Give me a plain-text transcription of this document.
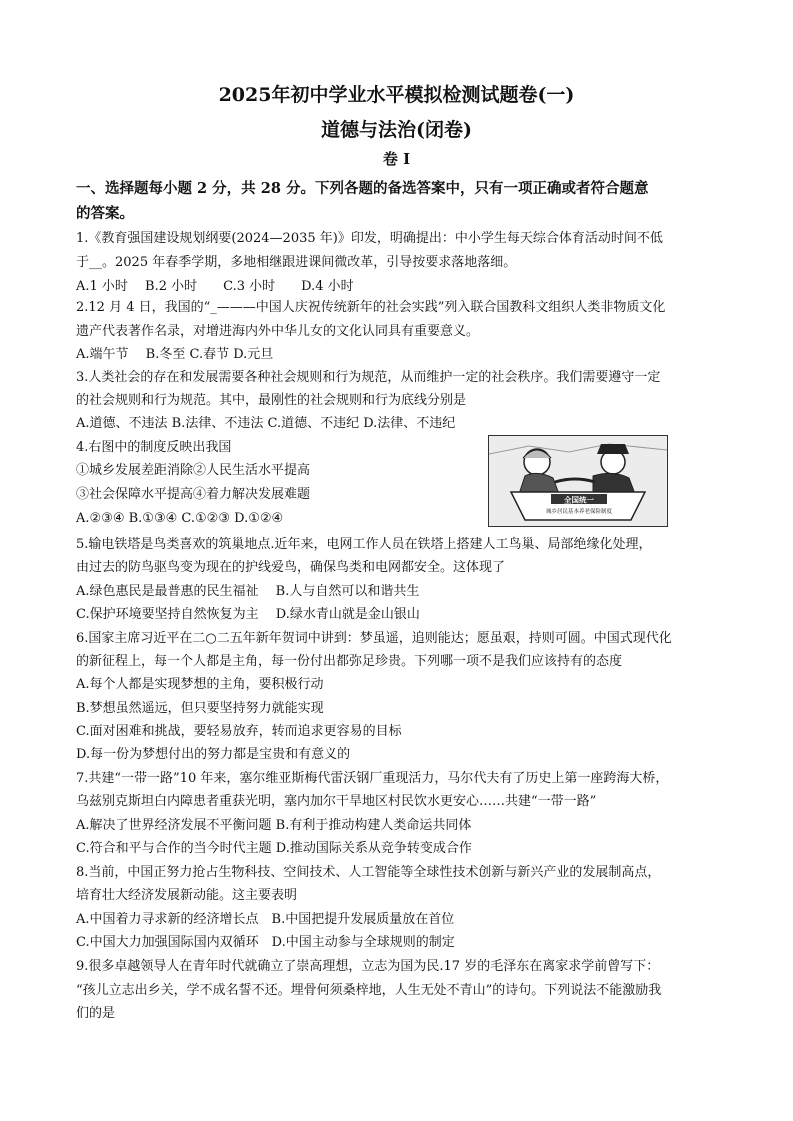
2025年初中学业水平模拟检测试题卷(一)
道德与法治(闭卷)
卷 I
一、选择题每小题 2 分，共 28 分。下列各题的备选答案中，只有一项正确或者符合题意
的答案。
1.《教育强国建设规划纲要(2024—2035 年)》印发，明确提出：中小学生每天综合体育活动时间不低
于__。2025 年春季学期，多地相继跟进课间微改革，引导按要求落地落细。
A.1 小时　 B.2 小时　　C.3 小时　　D.4 小时
2.12 月 4 日，我国的“_———中国人庆祝传统新年的社会实践”列入联合国教科文组织人类非物质文化
遗产代表著作名录，对增进海内外中华儿女的文化认同具有重要意义。
A.端午节　 B.冬至 C.春节 D.元旦
3.人类社会的存在和发展需要各种社会规则和行为规范，从而维护一定的社会秩序。我们需要遵守一定
的社会规则和行为规范。其中，最刚性的社会规则和行为底线分别是
A.道德、不违法 B.法律、不违法 C.道德、不违纪 D.法律、不违纪
4.右图中的制度反映出我国
①城乡发展差距消除②人民生活水平提高
③社会保障水平提高④着力解决发展难题
A.②③④ B.①③④ C.①②③ D.①②④
全国统一
城乡居民基本养老保险制度
5.输电铁塔是鸟类喜欢的筑巢地点.近年来，电网工作人员在铁塔上搭建人工鸟巢、局部绝缘化处理，
由过去的防鸟驱鸟变为现在的护线爱鸟，确保鸟类和电网都安全。这体现了
A.绿色惠民是最普惠的民生福祉　 B.人与自然可以和谐共生
C.保护环境要坚持自然恢复为主　 D.绿水青山就是金山银山
6.国家主席习近平在二○二五年新年贺词中讲到：梦虽遥，追则能达；愿虽艰，持则可圆。中国式现代化
的新征程上，每一个人都是主角，每一份付出都弥足珍贵。下列哪一项不是我们应该持有的态度
A.每个人都是实现梦想的主角，要积极行动
B.梦想虽然遥远，但只要坚持努力就能实现
C.面对困难和挑战，要轻易放弃，转而追求更容易的目标
D.每一份为梦想付出的努力都是宝贵和有意义的
7.共建“一带一路”10 年来，塞尔维亚斯梅代雷沃钢厂重现活力，马尔代夫有了历史上第一座跨海大桥，
乌兹别克斯坦白内障患者重获光明，塞内加尔干旱地区村民饮水更安心……共建“一带一路”
A.解决了世界经济发展不平衡问题 B.有利于推动构建人类命运共同体
C.符合和平与合作的当今时代主题 D.推动国际关系从竞争转变成合作
8.当前，中国正努力抢占生物科技、空间技术、人工智能等全球性技术创新与新兴产业的发展制高点，
培育壮大经济发展新动能。这主要表明
A.中国着力寻求新的经济增长点　B.中国把提升发展质量放在首位
C.中国大力加强国际国内双循环　D.中国主动参与全球规则的制定
9.很多卓越领导人在青年时代就确立了崇高理想，立志为国为民.17 岁的毛泽东在离家求学前曾写下：
“孩儿立志出乡关，学不成名誓不还。埋骨何须桑梓地，人生无处不青山”的诗句。下列说法不能激励我
们的是
